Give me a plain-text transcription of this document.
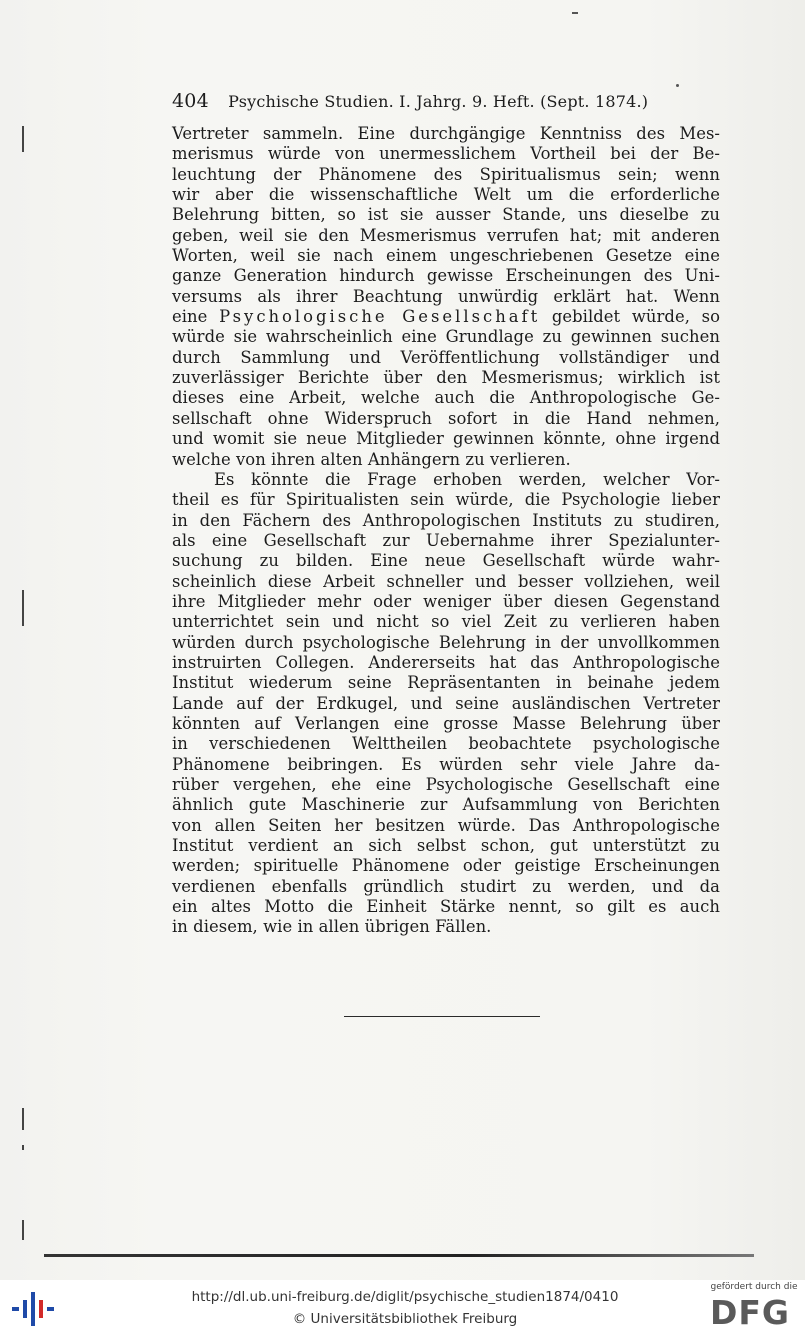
404 Psychische Studien. I. Jahrg. 9. Heft. (Sept. 1874.)
Vertreter sammeln. Eine durchgängige Kenntniss des Mes-
merismus würde von unermesslichem Vortheil bei der Be-
leuchtung der Phänomene des Spiritualismus sein; wenn
wir aber die wissenschaftliche Welt um die erforderliche
Belehrung bitten, so ist sie ausser Stande, uns dieselbe zu
geben, weil sie den Mesmerismus verrufen hat; mit anderen
Worten, weil sie nach einem ungeschriebenen Gesetze eine
ganze Generation hindurch gewisse Erscheinungen des Uni-
versums als ihrer Beachtung unwürdig erklärt hat. Wenn
eine Psychologische Gesellschaft gebildet würde, so
würde sie wahrscheinlich eine Grundlage zu gewinnen suchen
durch Sammlung und Veröffentlichung vollständiger und
zuverlässiger Berichte über den Mesmerismus; wirklich ist
dieses eine Arbeit, welche auch die Anthropologische Ge-
sellschaft ohne Widerspruch sofort in die Hand nehmen,
und womit sie neue Mitglieder gewinnen könnte, ohne irgend
welche von ihren alten Anhängern zu verlieren.
Es könnte die Frage erhoben werden, welcher Vor-
theil es für Spiritualisten sein würde, die Psychologie lieber
in den Fächern des Anthropologischen Instituts zu studiren,
als eine Gesellschaft zur Uebernahme ihrer Spezialunter-
suchung zu bilden. Eine neue Gesellschaft würde wahr-
scheinlich diese Arbeit schneller und besser vollziehen, weil
ihre Mitglieder mehr oder weniger über diesen Gegenstand
unterrichtet sein und nicht so viel Zeit zu verlieren haben
würden durch psychologische Belehrung in der unvollkommen
instruirten Collegen. Andererseits hat das Anthropologische
Institut wiederum seine Repräsentanten in beinahe jedem
Lande auf der Erdkugel, und seine ausländischen Vertreter
könnten auf Verlangen eine grosse Masse Belehrung über
in verschiedenen Welttheilen beobachtete psychologische
Phänomene beibringen. Es würden sehr viele Jahre da-
rüber vergehen, ehe eine Psychologische Gesellschaft eine
ähnlich gute Maschinerie zur Aufsammlung von Berichten
von allen Seiten her besitzen würde. Das Anthropologische
Institut verdient an sich selbst schon, gut unterstützt zu
werden; spirituelle Phänomene oder geistige Erscheinungen
verdienen ebenfalls gründlich studirt zu werden, und da
ein altes Motto die Einheit Stärke nennt, so gilt es auch
in diesem, wie in allen übrigen Fällen.
http://dl.ub.uni-freiburg.de/diglit/psychische_studien1874/0410
© Universitätsbibliothek Freiburg
gefördert durch die
DFG
